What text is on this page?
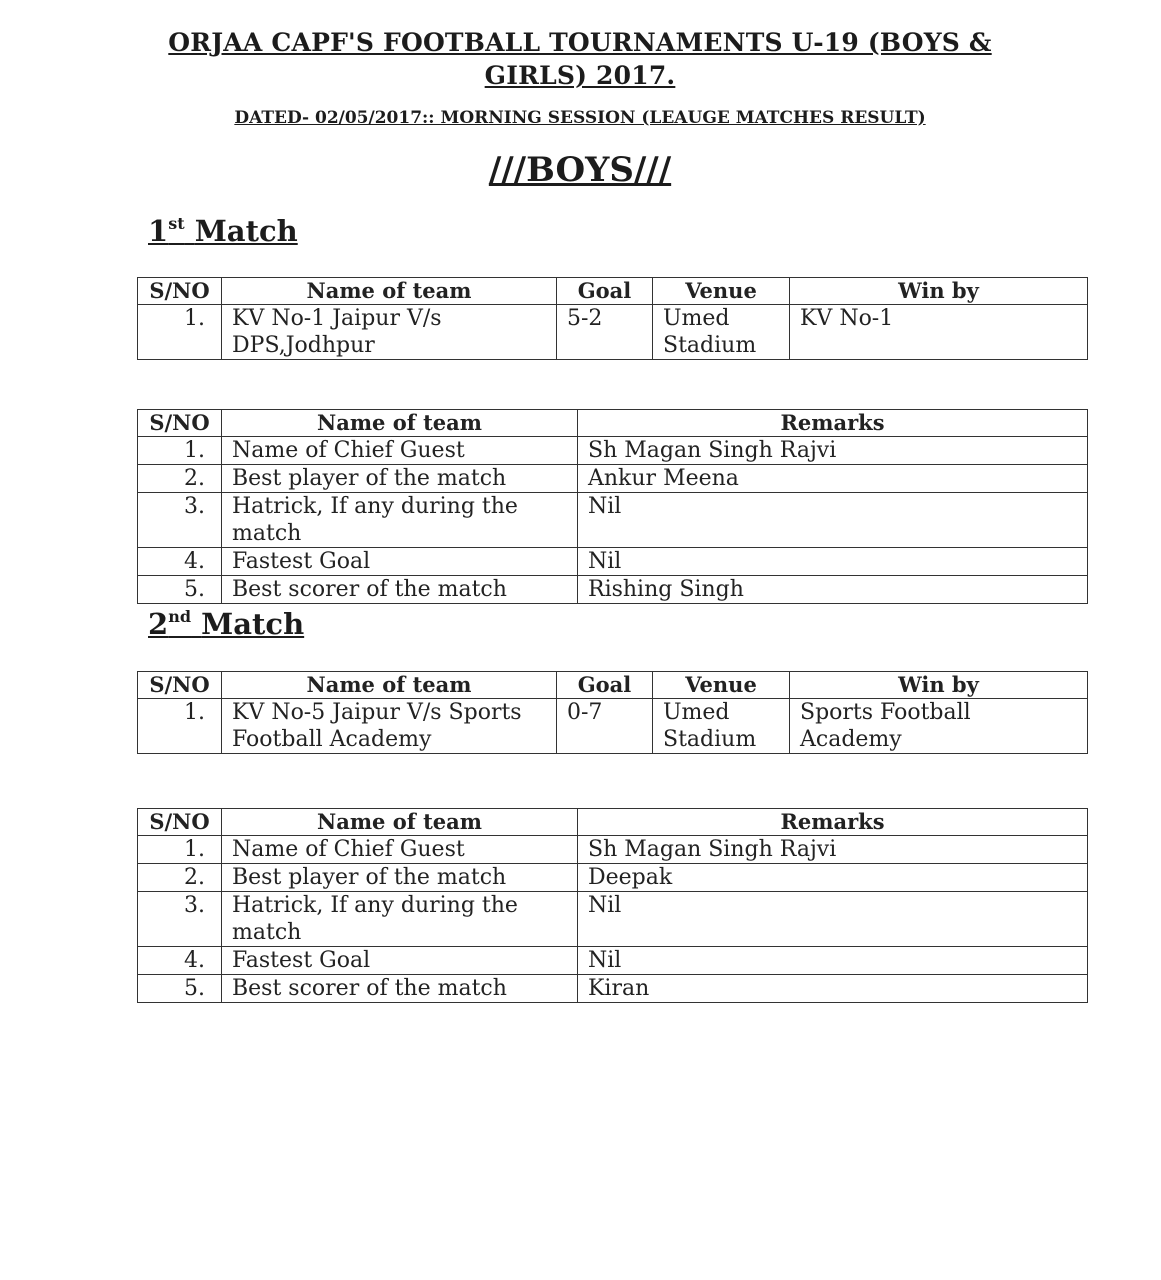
ORJAA CAPF'S FOOTBALL TOURNAMENTS U-19 (BOYS & GIRLS) 2017.
DATED- 02/05/2017:: MORNING SESSION (LEAUGE MATCHES RESULT)
///BOYS///
1st Match
S/NO	Name of team	Goal	Venue	Win by
1.	KV No-1 Jaipur V/s DPS,Jodhpur	5-2	Umed Stadium	KV No-1
S/NO	Name of team	Remarks
1.	Name of Chief Guest	Sh Magan Singh Rajvi
2.	Best player of the match	Ankur Meena
3.	Hatrick, If any during the match	Nil
4.	Fastest Goal	Nil
5.	Best scorer of the match	Rishing Singh
2nd Match
S/NO	Name of team	Goal	Venue	Win by
1.	KV No-5 Jaipur V/s Sports Football Academy	0-7	Umed Stadium	Sports Football Academy
S/NO	Name of team	Remarks
1.	Name of Chief Guest	Sh Magan Singh Rajvi
2.	Best player of the match	Deepak
3.	Hatrick, If any during the match	Nil
4.	Fastest Goal	Nil
5.	Best scorer of the match	Kiran
